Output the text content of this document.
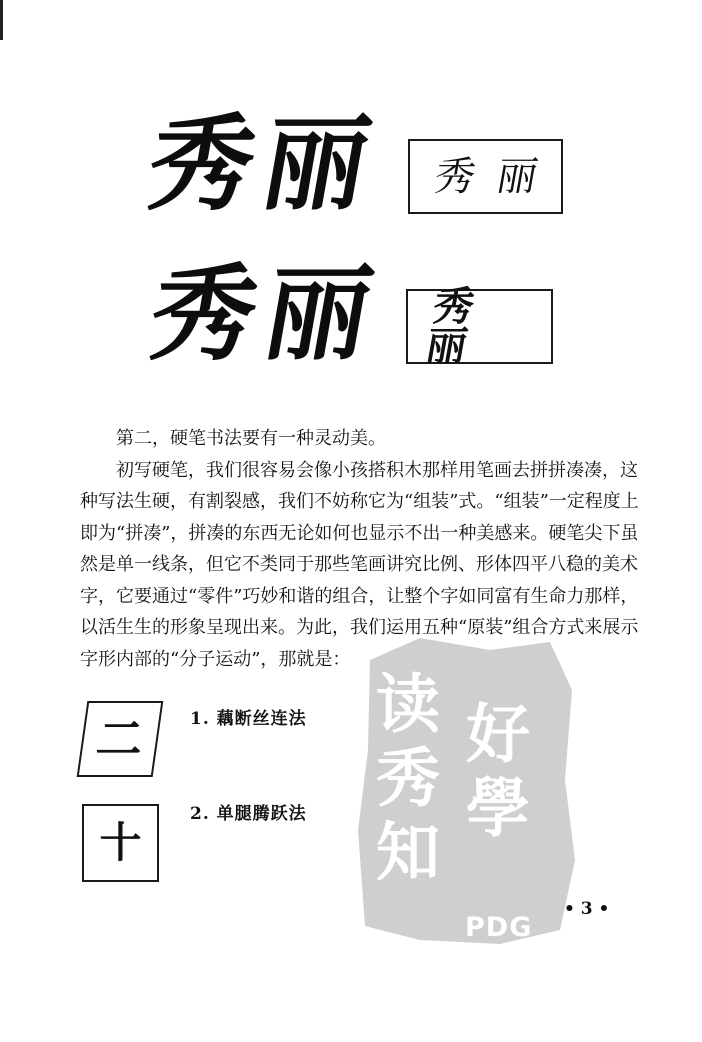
秀丽	秀丽
秀丽 秀丽

第二，硬笔书法要有一种灵动美。

初写硬笔，我们很容易会像小孩搭积木那样用笔画去拼拼凑凑，这种写法生硬，有割裂感，我们不妨称它为“组装”式。“组装”一定程度上即为“拼凑”，拼凑的东西无论如何也显示不出一种美感来。硬笔尖下虽然是单一线条，但它不类同于那些笔画讲究比例、形体四平八稳的美术字，它要通过“零件”巧妙和谐的组合，让整个字如同富有生命力那样，以活生生的形象呈现出来。为此，我们运用五种“原装”组合方式来展示字形内部的“分子运动”，那就是：

读秀知 好學
PDG
二	1. 藕断丝连法
十
2. 单腿腾跃法
• 3 •
